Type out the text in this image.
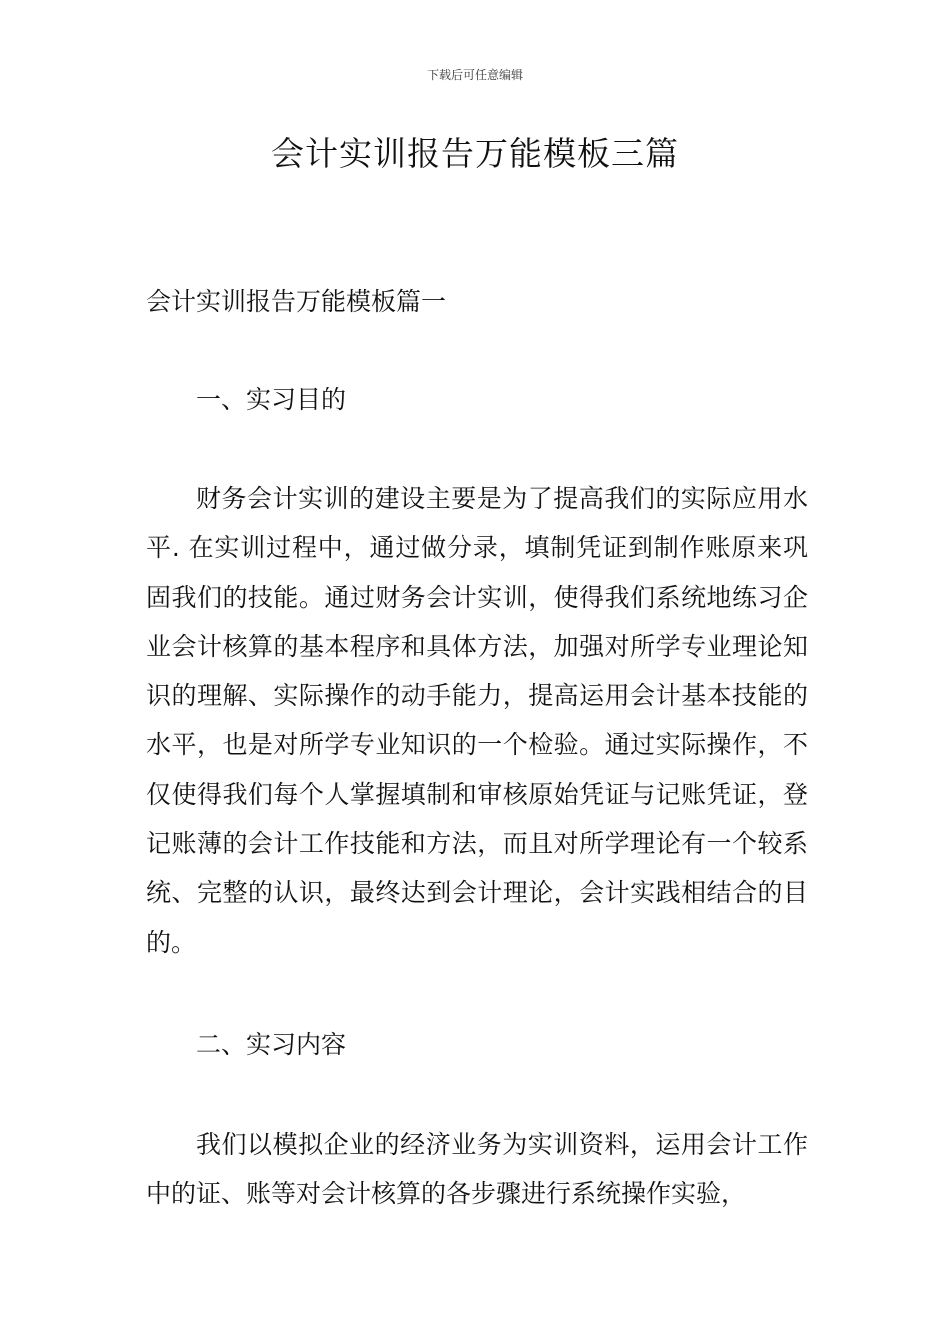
下载后可任意编辑
会计实训报告万能模板三篇
会计实训报告万能模板篇一
一、实习目的

财务会计实训的建设主要是为了提高我们的实际应用水平. 在实训过程中，通过做分录，填制凭证到制作账原来巩固我们的技能。通过财务会计实训，使得我们系统地练习企业会计核算的基本程序和具体方法，加强对所学专业理论知识的理解、实际操作的动手能力，提高运用会计基本技能的水平，也是对所学专业知识的一个检验。通过实际操作，不仅使得我们每个人掌握填制和审核原始凭证与记账凭证，登记账薄的会计工作技能和方法，而且对所学理论有一个较系统、完整的认识，最终达到会计理论，会计实践相结合的目的。

二、实习内容

我们以模拟企业的经济业务为实训资料，运用会计工作中的证、账等对会计核算的各步骤进行系统操作实验，
